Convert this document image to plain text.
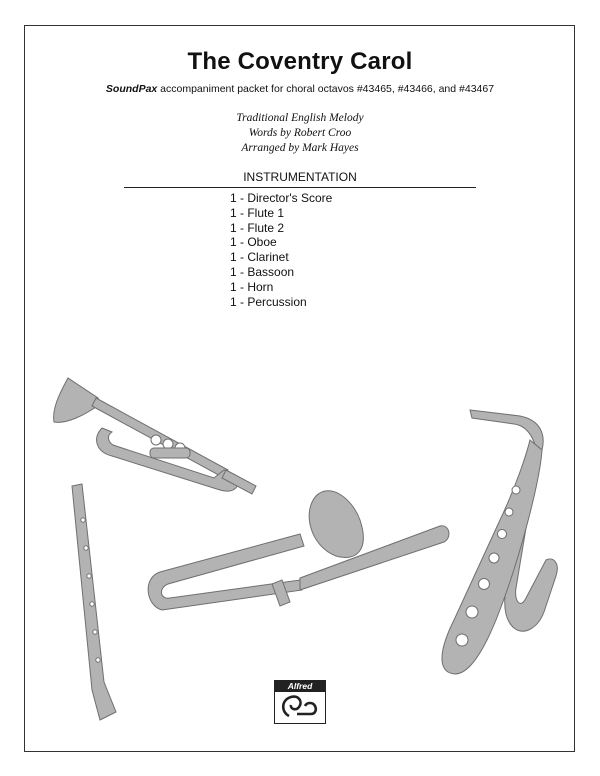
The Coventry Carol
SoundPax accompaniment packet for choral octavos #43465, #43466, and #43467
Traditional English Melody
Words by Robert Croo
Arranged by Mark Hayes
INSTRUMENTATION
1 - Director's Score
1 - Flute 1
1 - Flute 2
1 - Oboe
1 - Clarinet
1 - Bassoon
1 - Horn
1 - Percussion
Alfred
